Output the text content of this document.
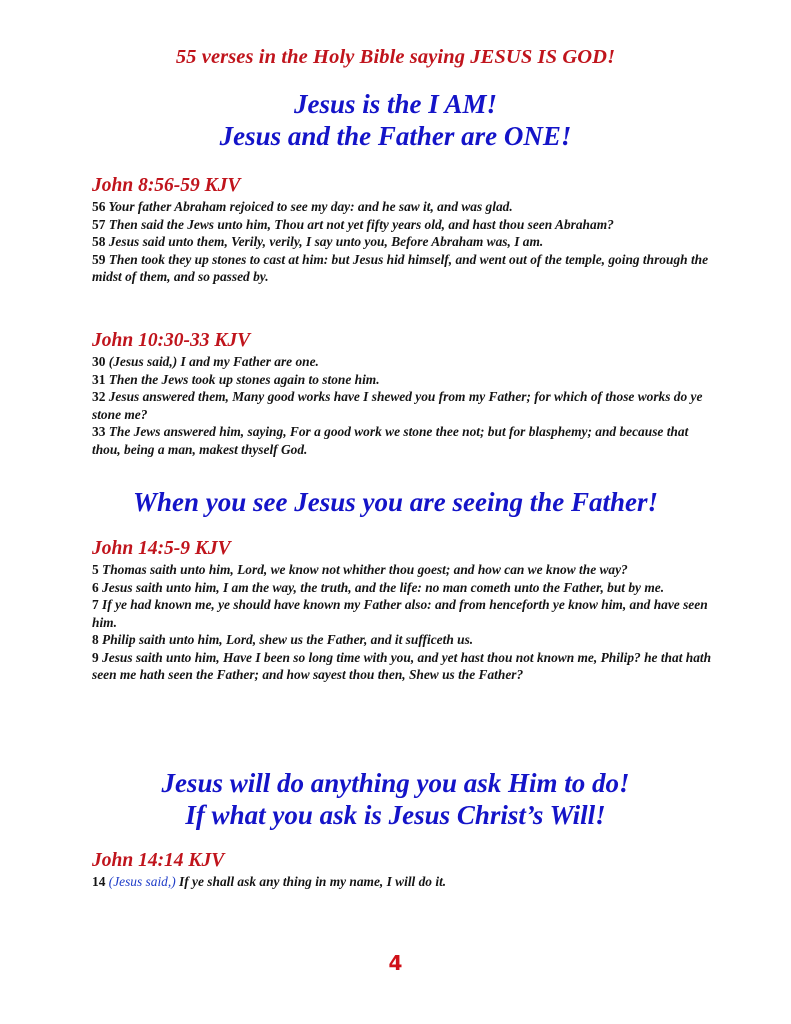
55 verses in the Holy Bible saying JESUS IS GOD!
Jesus is the I AM!
Jesus and the Father are ONE!
John 8:56-59 KJV
56 Your father Abraham rejoiced to see my day: and he saw it, and was glad.
57 Then said the Jews unto him, Thou art not yet fifty years old, and hast thou seen Abraham?
58 Jesus said unto them, Verily, verily, I say unto you, Before Abraham was, I am.
59 Then took they up stones to cast at him: but Jesus hid himself, and went out of the temple, going through the midst of them, and so passed by.
John 10:30-33 KJV
30 (Jesus said,) I and my Father are one.
31 Then the Jews took up stones again to stone him.
32 Jesus answered them, Many good works have I shewed you from my Father; for which of those works do ye stone me?
33 The Jews answered him, saying, For a good work we stone thee not; but for blasphemy; and because that thou, being a man, makest thyself God.
When you see Jesus you are seeing the Father!
John 14:5-9 KJV
5 Thomas saith unto him, Lord, we know not whither thou goest; and how can we know the way?
6 Jesus saith unto him, I am the way, the truth, and the life: no man cometh unto the Father, but by me.
7 If ye had known me, ye should have known my Father also: and from henceforth ye know him, and have seen him.
8 Philip saith unto him, Lord, shew us the Father, and it sufficeth us.
9 Jesus saith unto him, Have I been so long time with you, and yet hast thou not known me, Philip? he that hath seen me hath seen the Father; and how sayest thou then, Shew us the Father?
Jesus will do anything you ask Him to do!
If what you ask is Jesus Christ’s Will!
John 14:14 KJV
14 (Jesus said,) If ye shall ask any thing in my name, I will do it.
4
